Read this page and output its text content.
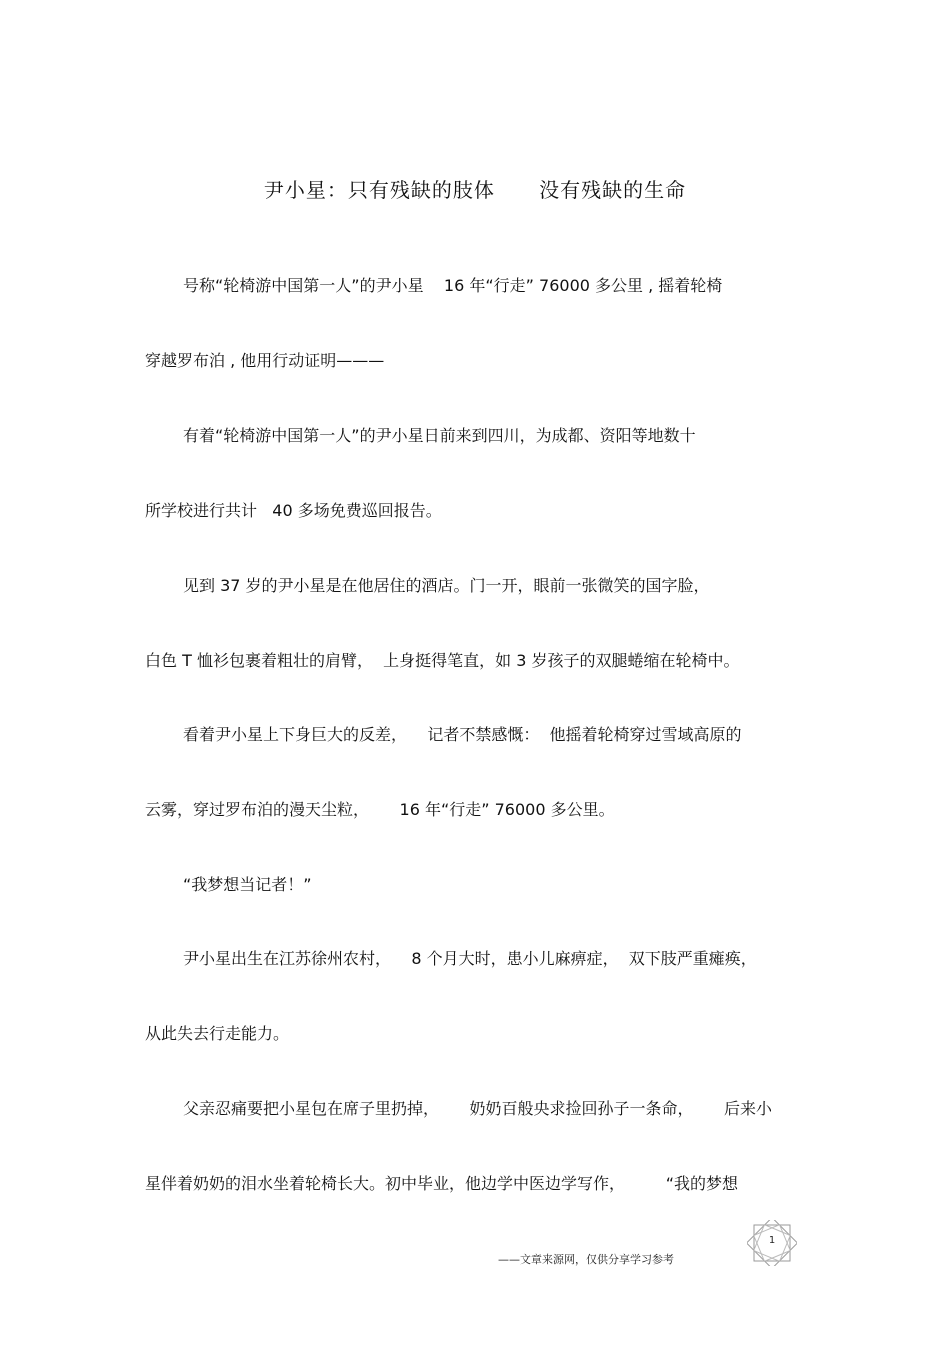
尹小星：只有残缺的肢体      没有残缺的生命
号称“轮椅游中国第一人”的尹小星    16 年“行走” 76000 多公里 , 摇着轮椅
穿越罗布泊 , 他用行动证明———
有着“轮椅游中国第一人”的尹小星日前来到四川，为成都、资阳等地数十
所学校进行共计   40 多场免费巡回报告。
见到 37 岁的尹小星是在他居住的酒店。门一开，眼前一张微笑的国字脸，
白色 T 恤衫包裹着粗壮的肩臂，  上身挺得笔直，如 3 岁孩子的双腿蜷缩在轮椅中。
看着尹小星上下身巨大的反差，    记者不禁感慨：  他摇着轮椅穿过雪域高原的
云雾，穿过罗布泊的漫天尘粒，      16 年“行走” 76000 多公里。
“我梦想当记者！”
尹小星出生在江苏徐州农村，    8 个月大时，患小儿麻痹症，  双下肢严重瘫痪，
从此失去行走能力。
父亲忍痛要把小星包在席子里扔掉，      奶奶百般央求捡回孙子一条命，      后来小
星伴着奶奶的泪水坐着轮椅长大。初中毕业，他边学中医边学写作，        “我的梦想
——文章来源网，仅供分享学习参考
1
